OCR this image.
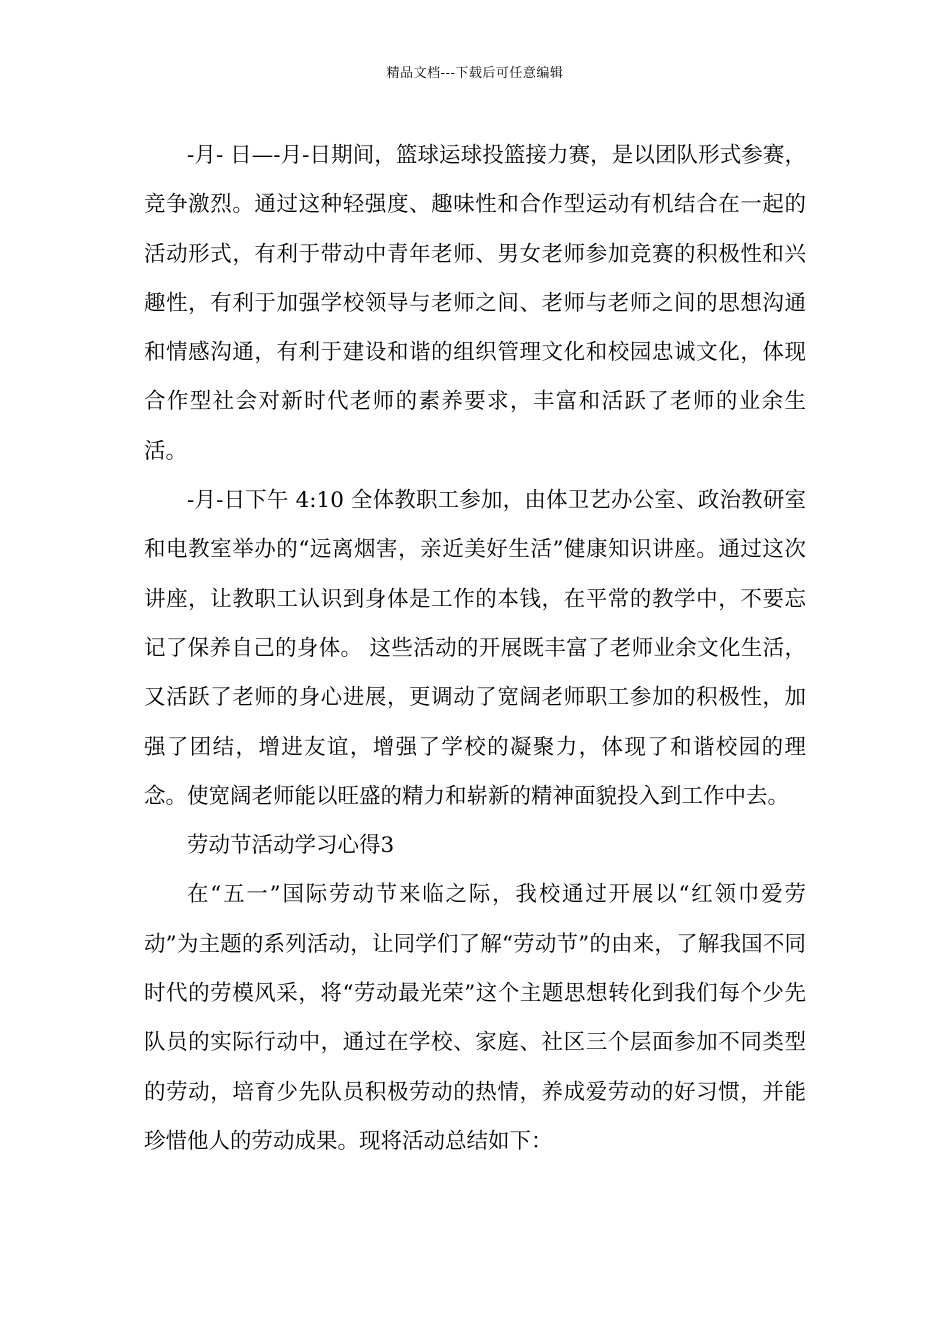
精品文档---下载后可任意编辑

-月- 日—-月-日期间，篮球运球投篮接力赛，是以团队形式参赛，竞争激烈。通过这种轻强度、趣味性和合作型运动有机结合在一起的活动形式，有利于带动中青年老师、男女老师参加竞赛的积极性和兴趣性，有利于加强学校领导与老师之间、老师与老师之间的思想沟通和情感沟通，有利于建设和谐的组织管理文化和校园忠诚文化，体现合作型社会对新时代老师的素养要求，丰富和活跃了老师的业余生活。

-月-日下午 4:10 全体教职工参加，由体卫艺办公室、政治教研室和电教室举办的“远离烟害，亲近美好生活”健康知识讲座。通过这次讲座，让教职工认识到身体是工作的本钱，在平常的教学中，不要忘记了保养自己的身体。 这些活动的开展既丰富了老师业余文化生活，又活跃了老师的身心进展，更调动了宽阔老师职工参加的积极性，加强了团结，增进友谊，增强了学校的凝聚力，体现了和谐校园的理念。使宽阔老师能以旺盛的精力和崭新的精神面貌投入到工作中去。

劳动节活动学习心得3

在“五一”国际劳动节来临之际，我校通过开展以“红领巾爱劳动”为主题的系列活动，让同学们了解“劳动节”的由来，了解我国不同时代的劳模风采，将“劳动最光荣”这个主题思想转化到我们每个少先队员的实际行动中，通过在学校、家庭、社区三个层面参加不同类型的劳动，培育少先队员积极劳动的热情，养成爱劳动的好习惯，并能珍惜他人的劳动成果。现将活动总结如下：
